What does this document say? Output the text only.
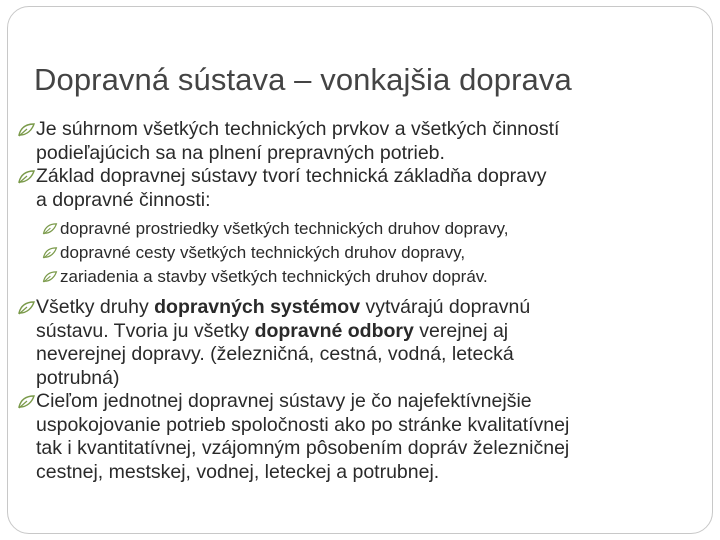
Dopravná sústava – vonkajšia doprava
Je súhrnom všetkých technických prvkov a všetkých činností
podieľajúcich sa na plnení prepravných potrieb.
Základ dopravnej sústavy tvorí technická základňa dopravy
a dopravné činnosti:
dopravné prostriedky všetkých technických druhov dopravy,
dopravné cesty všetkých technických druhov dopravy,
zariadenia a stavby všetkých technických druhov dopráv.
Všetky druhy dopravných systémov vytvárajú dopravnú
sústavu. Tvoria ju všetky dopravné odbory verejnej aj
neverejnej dopravy. (železničná, cestná, vodná, letecká
potrubná)
Cieľom jednotnej dopravnej sústavy je čo najefektívnejšie
uspokojovanie potrieb spoločnosti ako po stránke kvalitatívnej
tak i kvantitatívnej, vzájomným pôsobením dopráv železničnej
cestnej, mestskej, vodnej, leteckej a potrubnej.
